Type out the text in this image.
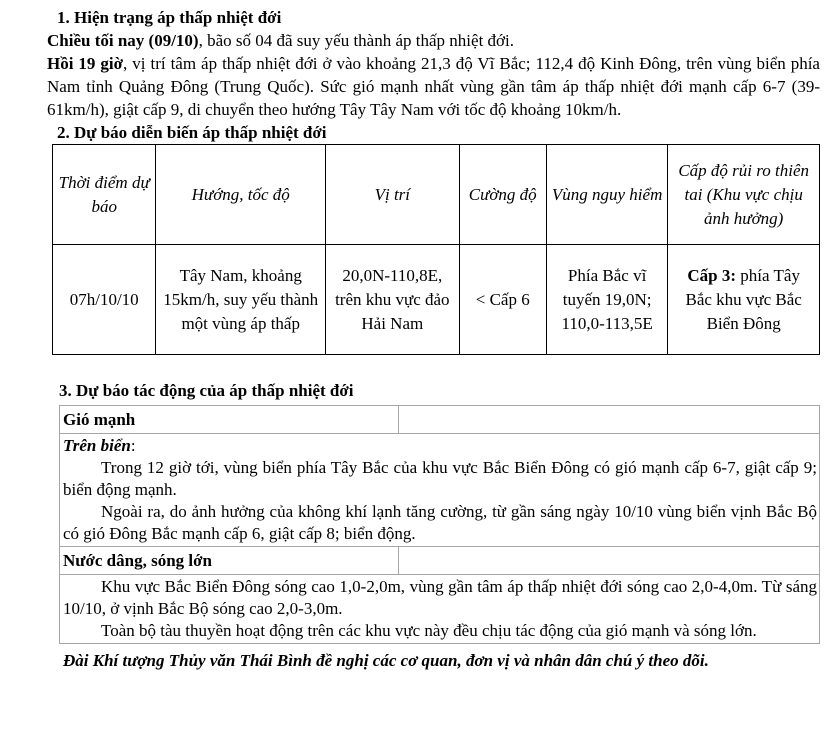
1. Hiện trạng áp thấp nhiệt đới

Chiều tối nay (09/10), bão số 04 đã suy yếu thành áp thấp nhiệt đới.

Hồi 19 giờ, vị trí tâm áp thấp nhiệt đới ở vào khoảng 21,3 độ Vĩ Bắc; 112,4 độ Kinh Đông, trên vùng biển phía Nam tỉnh Quảng Đông (Trung Quốc). Sức gió mạnh nhất vùng gần tâm áp thấp nhiệt đới mạnh cấp 6-7 (39-61km/h), giật cấp 9, di chuyển theo hướng Tây Tây Nam với tốc độ khoảng 10km/h.

2. Dự báo diễn biến áp thấp nhiệt đới

Thời điểm dự báo	Hướng, tốc độ	Vị trí	Cường độ	Vùng nguy hiểm	Cấp độ rủi ro thiên tai (Khu vực chịu ảnh hưởng)
07h/10/10	Tây Nam, khoảng 15km/h, suy yếu thành một vùng áp thấp	20,0N-110,8E, trên khu vực đảo Hải Nam	< Cấp 6	Phía Bắc vĩ tuyến 19,0N; 110,0-113,5E	Cấp 3: phía Tây Bắc khu vực Bắc Biển Đông

3. Dự báo tác động của áp thấp nhiệt đới

Gió mạnh	

Trên biển:

Trong 12 giờ tới, vùng biển phía Tây Bắc của khu vực Bắc Biển Đông có gió mạnh cấp 6-7, giật cấp 9; biển động mạnh.

Ngoài ra, do ảnh hưởng của không khí lạnh tăng cường, từ gần sáng ngày 10/10 vùng biển vịnh Bắc Bộ có gió Đông Bắc mạnh cấp 6, giật cấp 8; biển động.	

Nước dâng, sóng lớn	

Khu vực Bắc Biển Đông sóng cao 1,0-2,0m, vùng gần tâm áp thấp nhiệt đới sóng cao 2,0-4,0m. Từ sáng 10/10, ở vịnh Bắc Bộ sóng cao 2,0-3,0m.

Toàn bộ tàu thuyền hoạt động trên các khu vực này đều chịu tác động của gió mạnh và sóng lớn.	

Đài Khí tượng Thủy văn Thái Bình đề nghị các cơ quan, đơn vị và nhân dân chú ý theo dõi.
